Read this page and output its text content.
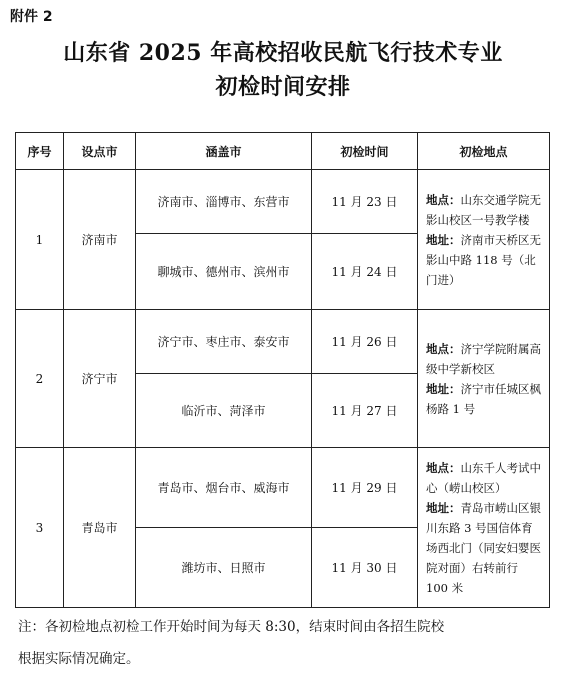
附件 2
山东省 2025 年高校招收民航飞行技术专业
初检时间安排
序号	设点市	涵盖市	初检时间	初检地点
1	济南市	济南市、淄博市、东营市	11 月 23 日	地点：山东交通学院无影山校区一号教学楼
地址：济南市天桥区无影山中路 118 号（北门进）
		聊城市、德州市、滨州市	11 月 24 日	
2	济宁市	济宁市、枣庄市、泰安市	11 月 26 日	地点：济宁学院附属高级中学新校区
地址：济宁市任城区枫杨路 1 号
		临沂市、菏泽市	11 月 27 日	
3	青岛市	青岛市、烟台市、威海市	11 月 29 日	地点：山东千人考试中心（崂山校区）
地址：青岛市崂山区银川东路 3 号国信体育场西北门（同安妇婴医院对面）右转前行 100 米
		潍坊市、日照市	11 月 30 日	
注：各初检地点初检工作开始时间为每天 8:30，结束时间由各招生院校
根据实际情况确定。
